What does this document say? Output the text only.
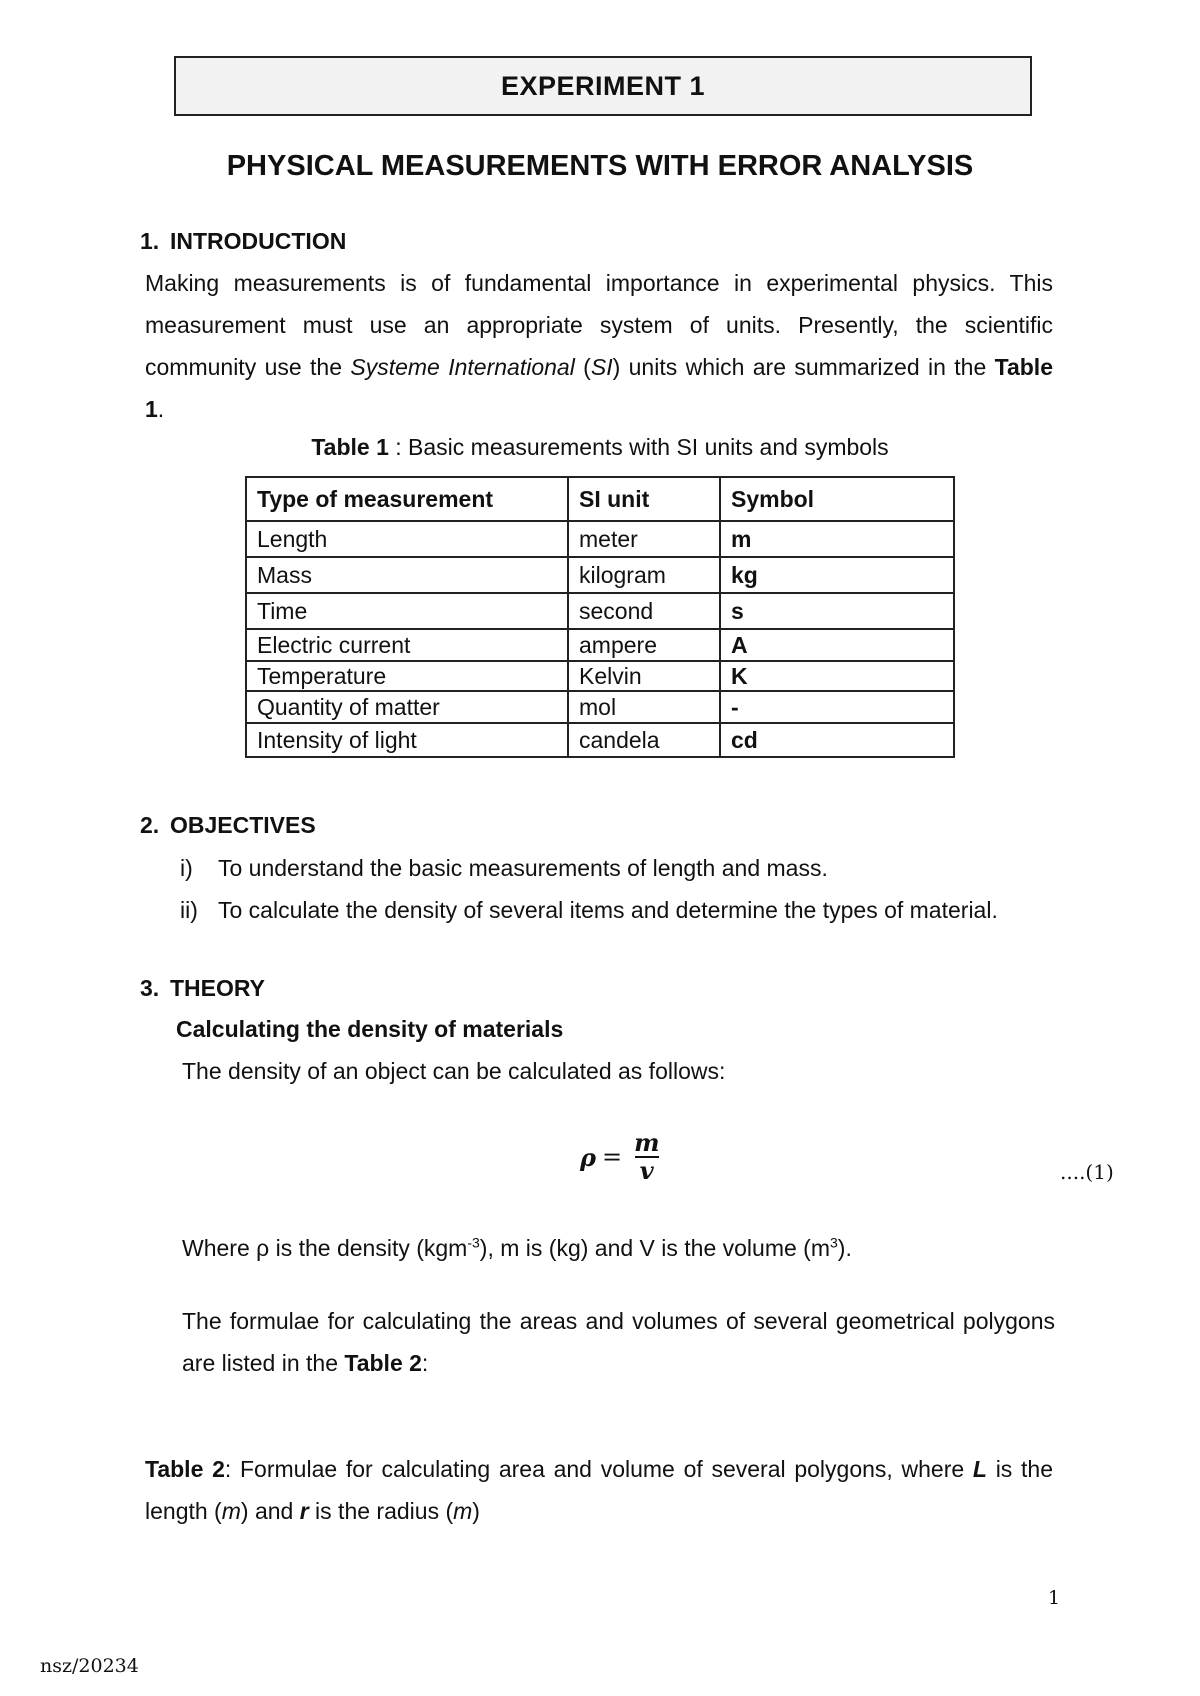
EXPERIMENT 1
PHYSICAL MEASUREMENTS WITH ERROR ANALYSIS
1. INTRODUCTION
Making measurements is of fundamental importance in experimental physics. This measurement must use an appropriate system of units. Presently, the scientific community use the Systeme International (SI) units which are summarized in the Table 1.
Table 1 : Basic measurements with SI units and symbols
Type of measurement	SI unit	Symbol
Length	meter	m
Mass	kilogram	kg
Time	second	s
Electric current	ampere	A
Temperature	Kelvin	K
Quantity of matter	mol	-
Intensity of light	candela	cd
2. OBJECTIVES
i) To understand the basic measurements of length and mass.
ii) To calculate the density of several items and determine the types of material.
3. THEORY
Calculating the density of materials
The density of an object can be calculated as follows:
$\rho = \frac{m}{v}$	....(1)
Where ρ is the density (kgm$^{-3}$), m is (kg) and V is the volume $(m^3)$.
The formulae for calculating the areas and volumes of several geometrical polygons are listed in the Table 2:
Table 2: Formulae for calculating area and volume of several polygons, where L is the length (m) and r is the radius (m)
1
nsz/20234
